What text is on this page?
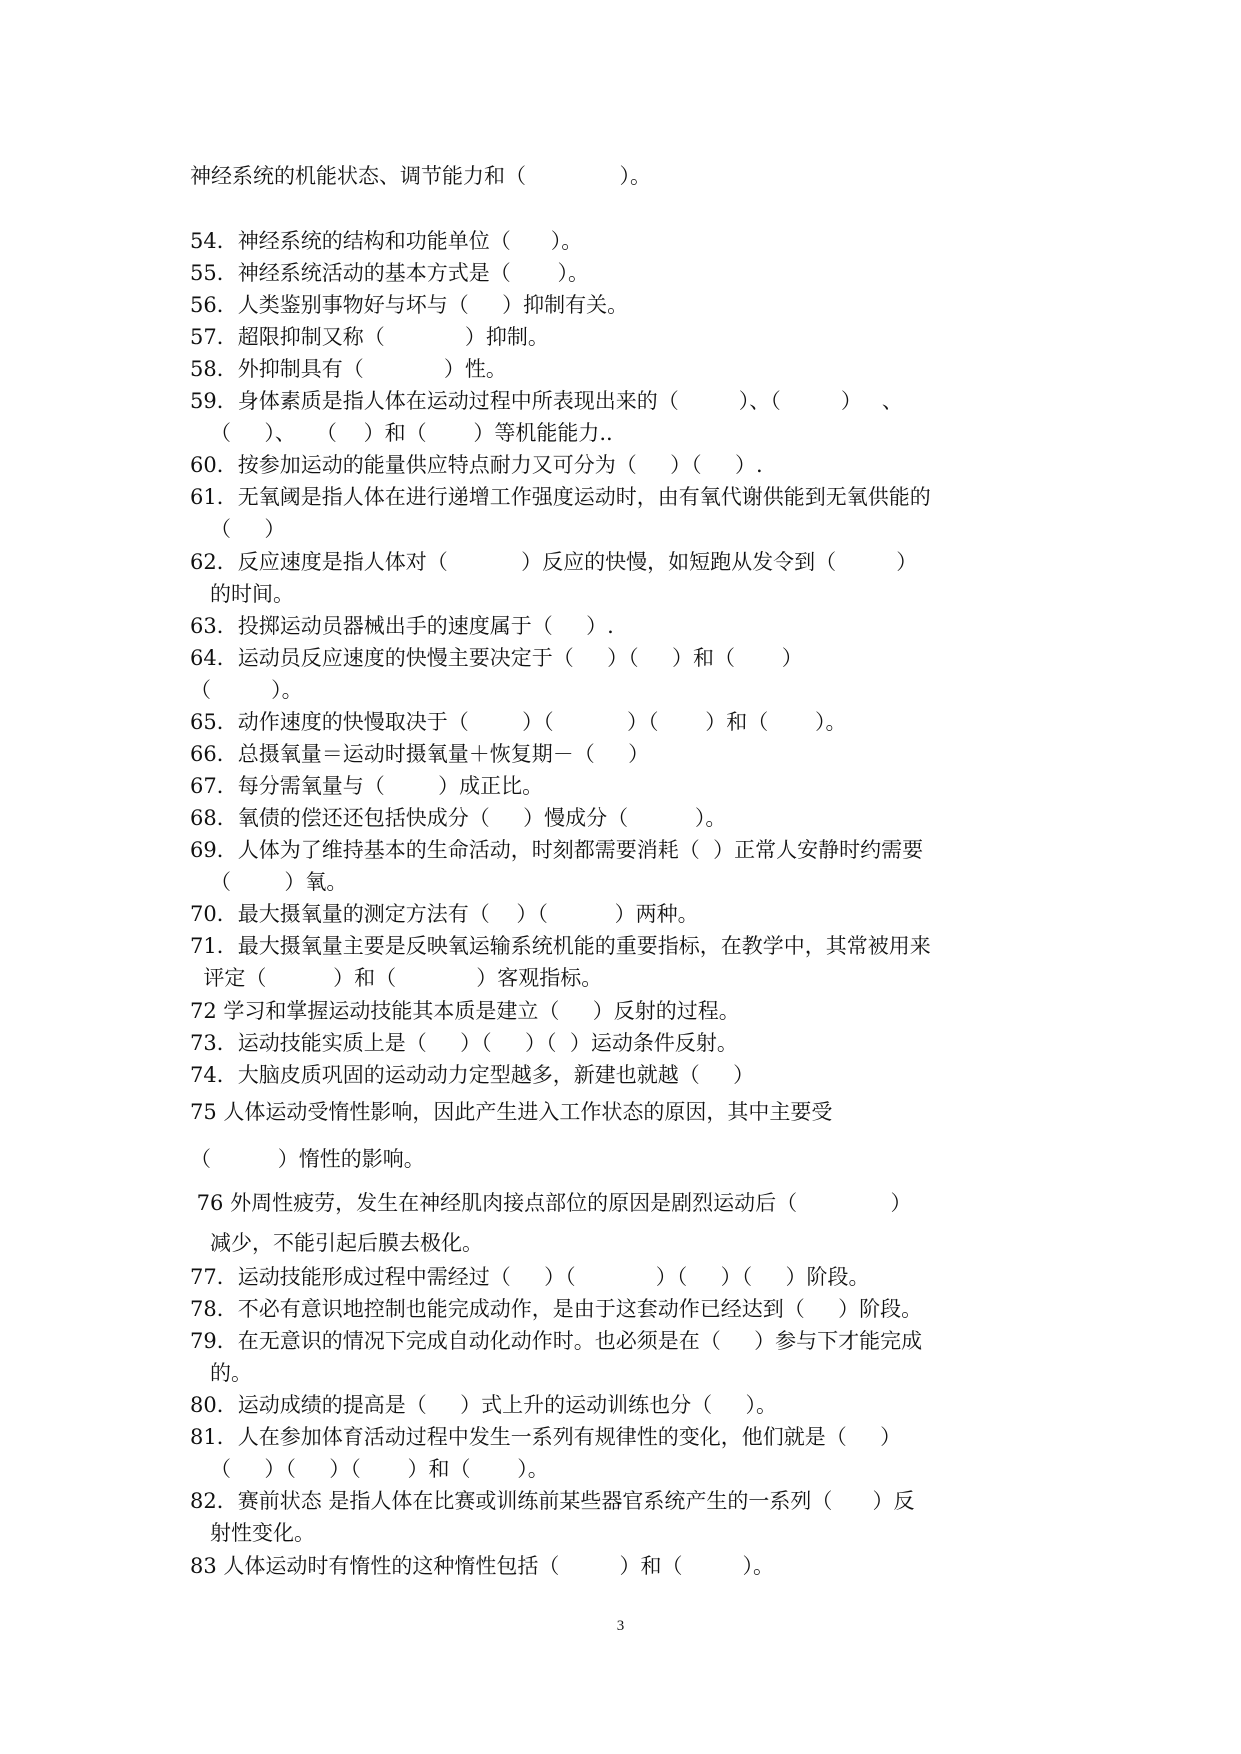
神经系统的机能状态、调节能力和（              ）。

54．神经系统的结构和功能单位（      ）。

55．神经系统活动的基本方式是（       ）。

56．人类鉴别事物好与坏与（     ）抑制有关。

57．超限抑制又称（            ）抑制。

58．外抑制具有（            ）性。

59．身体素质是指人体在运动过程中所表现出来的（         ）、（         ）   、

（     ）、   （    ）和（       ）等机能能力..

60．按参加运动的能量供应特点耐力又可分为（     ）（     ）.

61．无氧阈是指人体在进行递增工作强度运动时，由有氧代谢供能到无氧供能的

（     ）

62．反应速度是指人体对（           ）反应的快慢，如短跑从发令到（         ）

的时间。

63．投掷运动员器械出手的速度属于（     ）.

64．运动员反应速度的快慢主要决定于（     ）（     ）和（       ）

（         ）。

65．动作速度的快慢取决于（        ）（           ）（       ）和（       ）。

66．总摄氧量＝运动时摄氧量＋恢复期－（     ）

67．每分需氧量与（        ）成正比。

68．氧债的偿还还包括快成分（     ）慢成分（          ）。

69．人体为了维持基本的生命活动，时刻都需要消耗（  ）正常人安静时约需要

（        ）氧。

70．最大摄氧量的测定方法有（    ）（          ）两种。

71．最大摄氧量主要是反映氧运输系统机能的重要指标，在教学中，其常被用来

评定（          ）和（            ）客观指标。

72 学习和掌握运动技能其本质是建立（     ）反射的过程。

73．运动技能实质上是（     ）（     ）（  ）运动条件反射。

74．大脑皮质巩固的运动动力定型越多，新建也就越（     ）

75 人体运动受惰性影响，因此产生进入工作状态的原因，其中主要受

（          ）惰性的影响。

76 外周性疲劳，发生在神经肌肉接点部位的原因是剧烈运动后（              ）

减少，不能引起后膜去极化。

77．运动技能形成过程中需经过（     ）（            ）（     ）（     ）阶段。

78．不必有意识地控制也能完成动作，是由于这套动作已经达到（     ）阶段。

79．在无意识的情况下完成自动化动作时。也必须是在（     ）参与下才能完成

的。

80．运动成绩的提高是（     ）式上升的运动训练也分（     ）。

81．人在参加体育活动过程中发生一系列有规律性的变化，他们就是（     ）

（     ）（     ）（       ）和（       ）。

82．赛前状态 是指人体在比赛或训练前某些器官系统产生的一系列（      ）反

射性变化。

83 人体运动时有惰性的这种惰性包括（         ）和（         ）。

3
